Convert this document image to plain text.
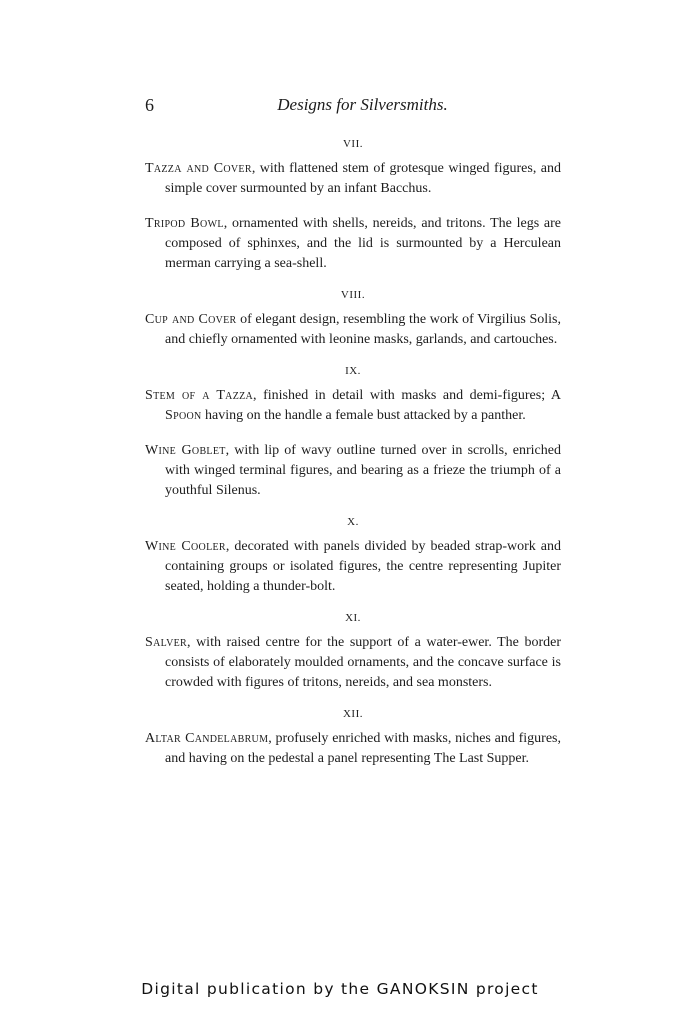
6	Designs for Silversmiths.
VII.

Tazza and Cover, with flattened stem of grotesque winged figures, and simple cover surmounted by an infant Bacchus.

Tripod Bowl, ornamented with shells, nereids, and tritons. The legs are composed of sphinxes, and the lid is surmounted by a Herculean merman carrying a sea-shell.

VIII.

Cup and Cover of elegant design, resembling the work of Virgilius Solis, and chiefly ornamented with leonine masks, garlands, and cartouches.

IX.

Stem of a Tazza, finished in detail with masks and demi-figures; A Spoon having on the handle a female bust attacked by a panther.

Wine Goblet, with lip of wavy outline turned over in scrolls, enriched with winged terminal figures, and bearing as a frieze the triumph of a youthful Silenus.

X.

Wine Cooler, decorated with panels divided by beaded strap-work and containing groups or isolated figures, the centre representing Jupiter seated, holding a thunder-bolt.

XI.

Salver, with raised centre for the support of a water-ewer. The border consists of elaborately moulded ornaments, and the concave surface is crowded with figures of tritons, nereids, and sea monsters.

XII.

Altar Candelabrum, profusely enriched with masks, niches and figures, and having on the pedestal a panel representing The Last Supper.

Digital publication by the GANOKSIN project
